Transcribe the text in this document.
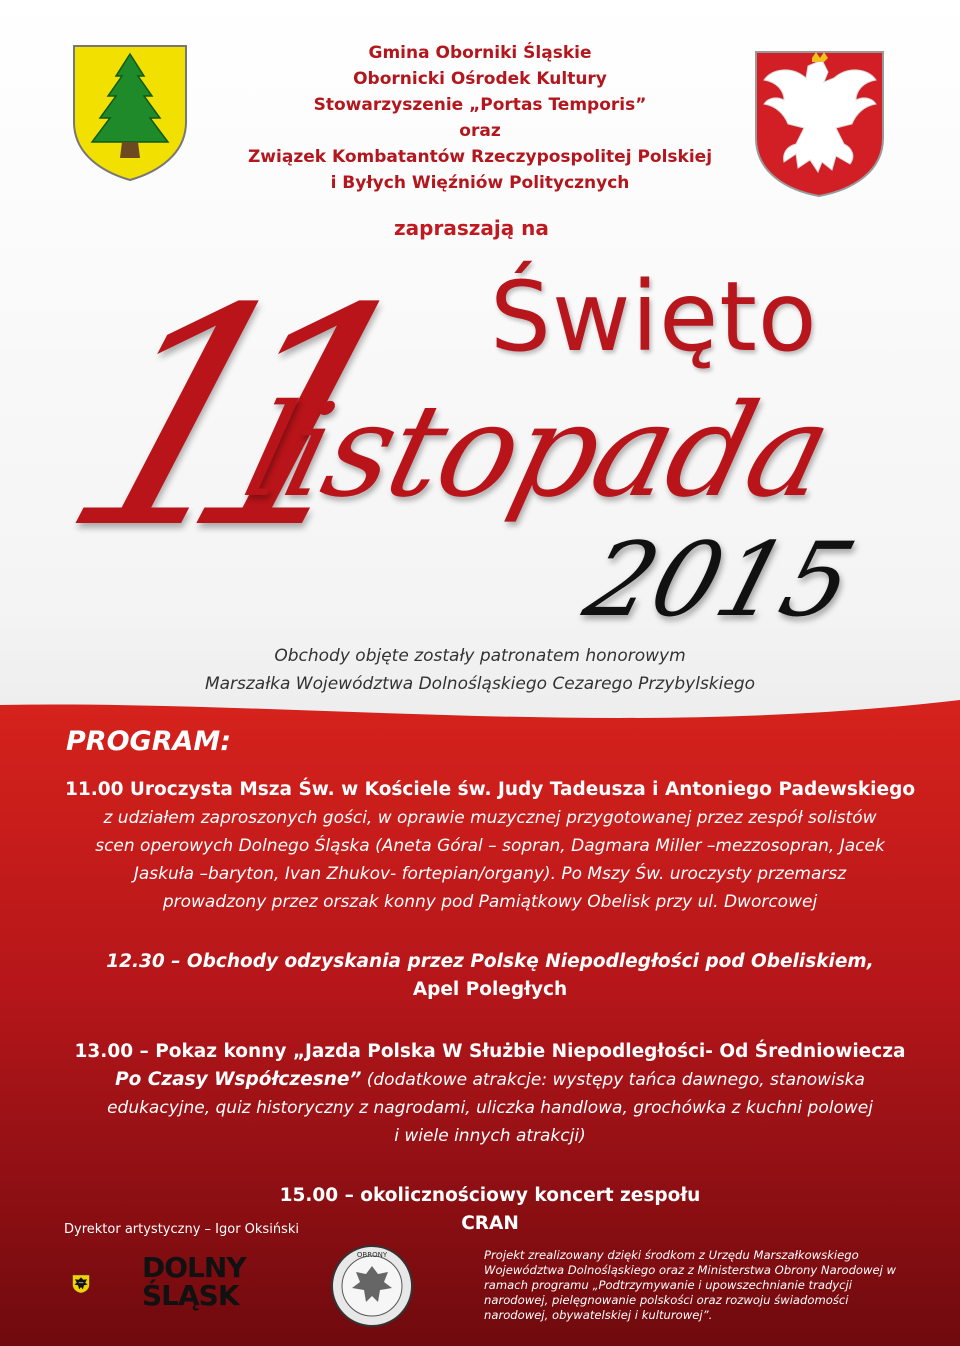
Gmina Oborniki Śląskie
Obornicki Ośrodek Kultury
Stowarzyszenie „Portas Temporis”
oraz
Związek Kombatantów Rzeczypospolitej Polskiej
i Byłych Więźniów Politycznych
zapraszają na
11 Święto
listopada
2015
Obchody objęte zostały patronatem honorowym
Marszałka Województwa Dolnośląskiego Cezarego Przybylskiego
PROGRAM:
11.00 Uroczysta Msza Św. w Kościele św. Judy Tadeusza i Antoniego Padewskiego
z udziałem zaproszonych gości, w oprawie muzycznej przygotowanej przez zespół solistów
scen operowych Dolnego Śląska (Aneta Góral – sopran, Dagmara Miller –mezzosopran, Jacek
Jaskuła –baryton, Ivan Zhukov- fortepian/organy). Po Mszy Św. uroczysty przemarsz
prowadzony przez orszak konny pod Pamiątkowy Obelisk przy ul. Dworcowej
12.30 – Obchody odzyskania przez Polskę Niepodległości pod Obeliskiem,
Apel Poległych
13.00 – Pokaz konny „Jazda Polska W Służbie Niepodległości- Od Średniowiecza
Po Czasy Współczesne” (dodatkowe atrakcje: występy tańca dawnego, stanowiska
edukacyjne, quiz historyczny z nagrodami, uliczka handlowa, grochówka z kuchni polowej
i wiele innych atrakcji)
15.00 – okolicznościowy koncert zespołu CRAN
Dyrektor artystyczny – Igor Oksiński
DOLNY
ŚLĄSK
OBRONY	Projekt zrealizowany dzięki środkom z Urzędu Marszałkowskiego
Województwa Dolnośląskiego oraz z Ministerstwa Obrony Narodowej w
ramach programu „Podtrzymywanie i upowszechnianie tradycji
narodowej, pielęgnowanie polskości oraz rozwoju świadomości
narodowej, obywatelskiej i kulturowej”.
